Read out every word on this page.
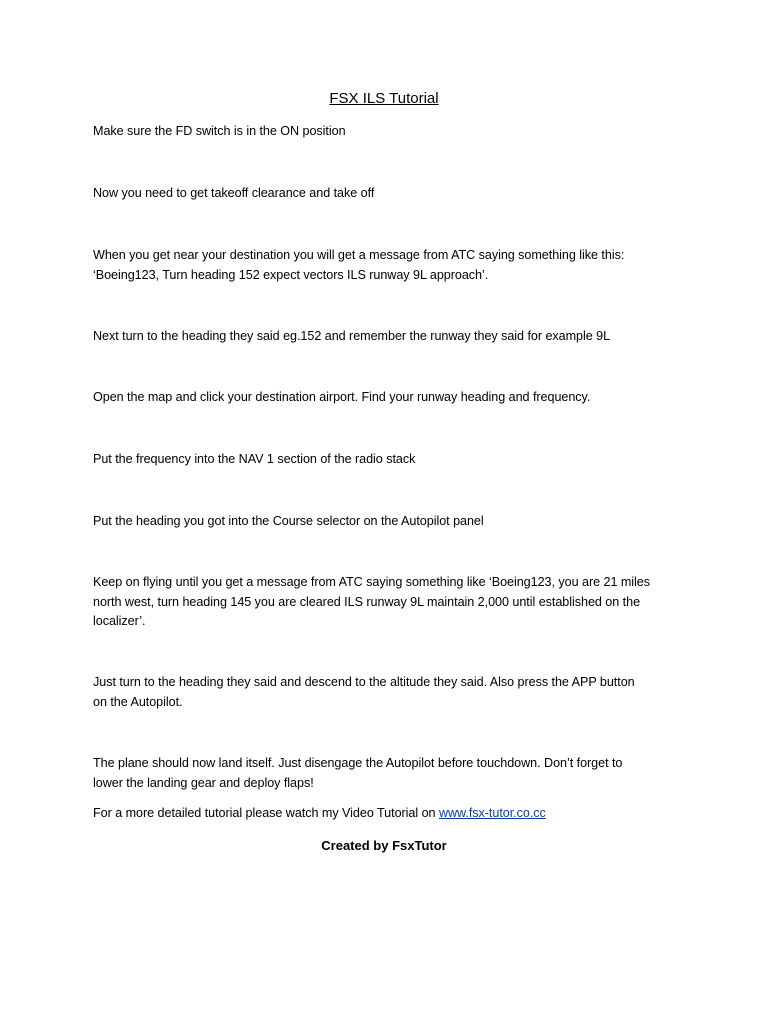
FSX ILS Tutorial

Make sure the FD switch is in the ON position

Now you need to get takeoff clearance and take off

When you get near your destination you will get a message from ATC saying something like this:

‘Boeing123, Turn heading 152 expect vectors ILS runway 9L approach’.

Next turn to the heading they said eg.152 and remember the runway they said for example 9L

Open the map and click your destination airport. Find your runway heading and frequency.

Put the frequency into the NAV 1 section of the radio stack

Put the heading you got into the Course selector on the Autopilot panel

Keep on flying until you get a message from ATC saying something like ‘Boeing123, you are 21 miles

north west, turn heading 145 you are cleared ILS runway 9L maintain 2,000 until established on the

localizer’.

Just turn to the heading they said and descend to the altitude they said. Also press the APP button

on the Autopilot.

The plane should now land itself. Just disengage the Autopilot before touchdown. Don’t forget to

lower the landing gear and deploy flaps!

For a more detailed tutorial please watch my Video Tutorial on www.fsx-tutor.co.cc

Created by FsxTutor
